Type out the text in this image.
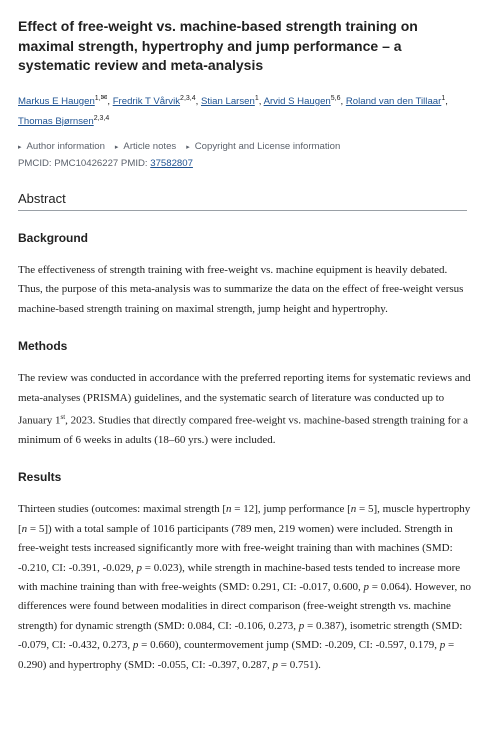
Effect of free-weight vs. machine-based strength training on maximal strength, hypertrophy and jump performance – a systematic review and meta-analysis
Markus E Haugen$^{1,✉}$, Fredrik T Vårvik$^{2,3,4}$, Stian Larsen$^1$, Arvid S Haugen$^{5,6}$, Roland van den Tillaar$^1$, Thomas Bjørnsen$^{2,3,4}$
▸ Author information ▸ Article notes ▸ Copyright and License information
PMCID: PMC10426227 PMID: 37582807
Abstract
Background

The effectiveness of strength training with free-weight vs. machine equipment is heavily debated. Thus, the purpose of this meta-analysis was to summarize the data on the effect of free-weight versus machine-based strength training on maximal strength, jump height and hypertrophy.

Methods

The review was conducted in accordance with the preferred reporting items for systematic reviews and meta-analyses (PRISMA) guidelines, and the systematic search of literature was conducted up to January 1st, 2023. Studies that directly compared free-weight vs. machine-based strength training for a minimum of 6 weeks in adults (18–60 yrs.) were included.

Results

Thirteen studies (outcomes: maximal strength [n = 12], jump performance [n = 5], muscle hypertrophy [n = 5]) with a total sample of 1016 participants (789 men, 219 women) were included. Strength in free-weight tests increased significantly more with free-weight training than with machines (SMD: -0.210, CI: -0.391, -0.029, p = 0.023), while strength in machine-based tests tended to increase more with machine training than with free-weights (SMD: 0.291, CI: -0.017, 0.600, p = 0.064). However, no differences were found between modalities in direct comparison (free-weight strength vs. machine strength) for dynamic strength (SMD: 0.084, CI: -0.106, 0.273, p = 0.387), isometric strength (SMD: -0.079, CI: -0.432, 0.273, p = 0.660), countermovement jump (SMD: -0.209, CI: -0.597, 0.179, p = 0.290) and hypertrophy (SMD: -0.055, CI: -0.397, 0.287, p = 0.751).
